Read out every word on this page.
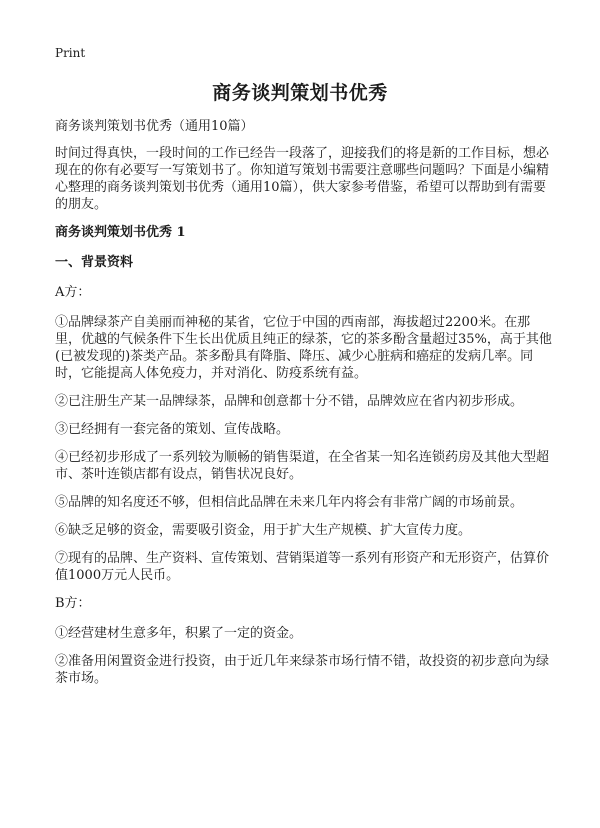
Print
商务谈判策划书优秀

商务谈判策划书优秀（通用10篇）

时间过得真快，一段时间的工作已经告一段落了，迎接我们的将是新的工作目标，想必现在的你有必要写一写策划书了。你知道写策划书需要注意哪些问题吗？下面是小编精心整理的商务谈判策划书优秀（通用10篇），供大家参考借鉴，希望可以帮助到有需要的朋友。

商务谈判策划书优秀 1

一、背景资料

A方：

①品牌绿茶产自美丽而神秘的某省，它位于中国的西南部，海拔超过2200米。在那里，优越的气候条件下生长出优质且纯正的绿茶，它的茶多酚含量超过35%，高于其他(已被发现的)茶类产品。茶多酚具有降脂、降压、减少心脏病和癌症的发病几率。同时，它能提高人体免疫力，并对消化、防疫系统有益。

②已注册生产某一品牌绿茶，品牌和创意都十分不错，品牌效应在省内初步形成。

③已经拥有一套完备的策划、宣传战略。

④已经初步形成了一系列较为顺畅的销售渠道，在全省某一知名连锁药房及其他大型超市、茶叶连锁店都有设点，销售状况良好。

⑤品牌的知名度还不够，但相信此品牌在未来几年内将会有非常广阔的市场前景。

⑥缺乏足够的资金，需要吸引资金，用于扩大生产规模、扩大宣传力度。

⑦现有的品牌、生产资料、宣传策划、营销渠道等一系列有形资产和无形资产，估算价值1000万元人民币。

B方：

①经营建材生意多年，积累了一定的资金。

②准备用闲置资金进行投资，由于近几年来绿茶市场行情不错，故投资的初步意向为绿茶市场。
